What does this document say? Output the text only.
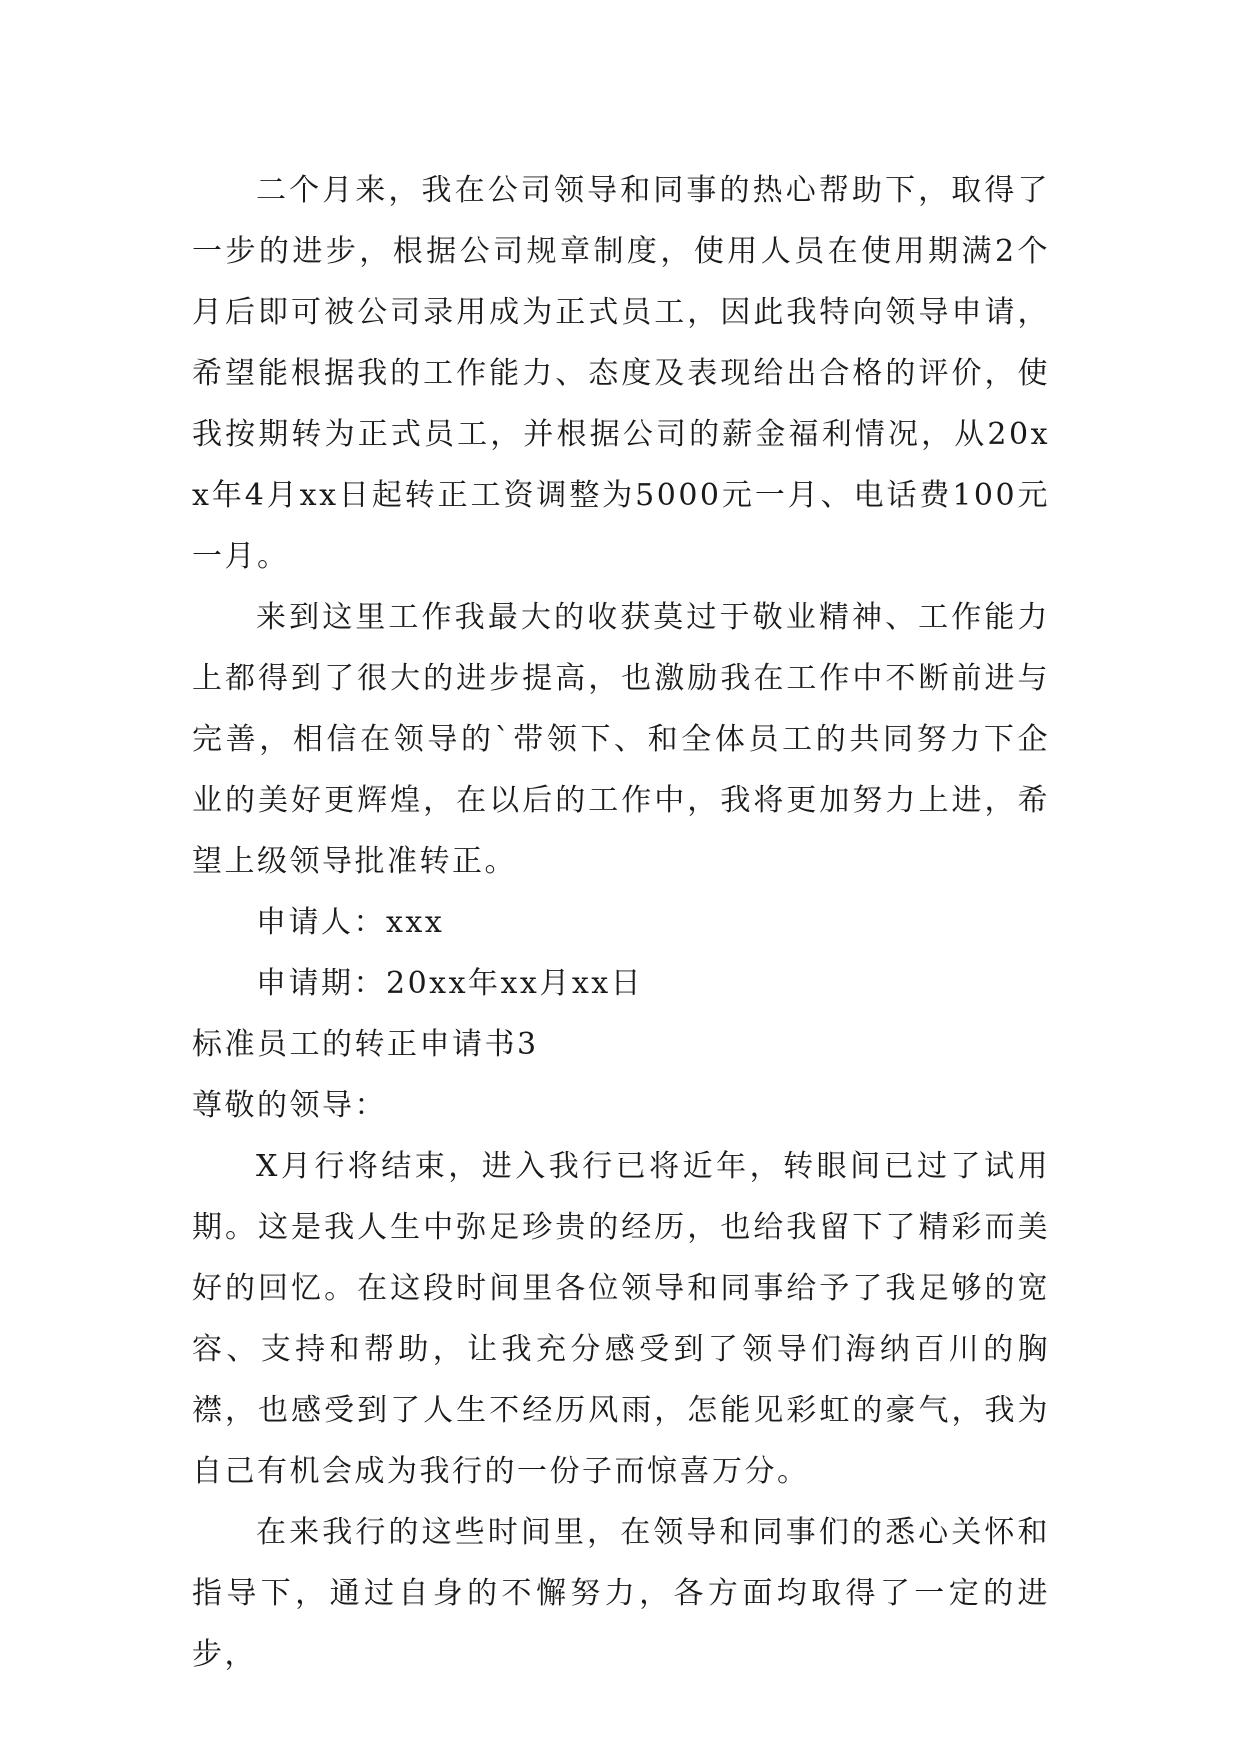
二个月来，我在公司领导和同事的热心帮助下，取得了一步的进步，根据公司规章制度，使用人员在使用期满2个月后即可被公司录用成为正式员工，因此我特向领导申请，希望能根据我的工作能力、态度及表现给出合格的评价，使我按期转为正式员工，并根据公司的薪金福利情况，从20xx年4月xx日起转正工资调整为5000元一月、电话费100元一月。

来到这里工作我最大的收获莫过于敬业精神、工作能力上都得到了很大的进步提高，也激励我在工作中不断前进与完善，相信在领导的`带领下、和全体员工的共同努力下企业的美好更辉煌，在以后的工作中，我将更加努力上进，希望上级领导批准转正。

申请人：xxx

申请期：20xx年xx月xx日

标准员工的转正申请书3

尊敬的领导：

X月行将结束，进入我行已将近年，转眼间已过了试用期。这是我人生中弥足珍贵的经历，也给我留下了精彩而美好的回忆。在这段时间里各位领导和同事给予了我足够的宽容、支持和帮助，让我充分感受到了领导们海纳百川的胸襟，也感受到了人生不经历风雨，怎能见彩虹的豪气，我为自己有机会成为我行的一份子而惊喜万分。

在来我行的这些时间里，在领导和同事们的悉心关怀和指导下，通过自身的不懈努力，各方面均取得了一定的进步，
